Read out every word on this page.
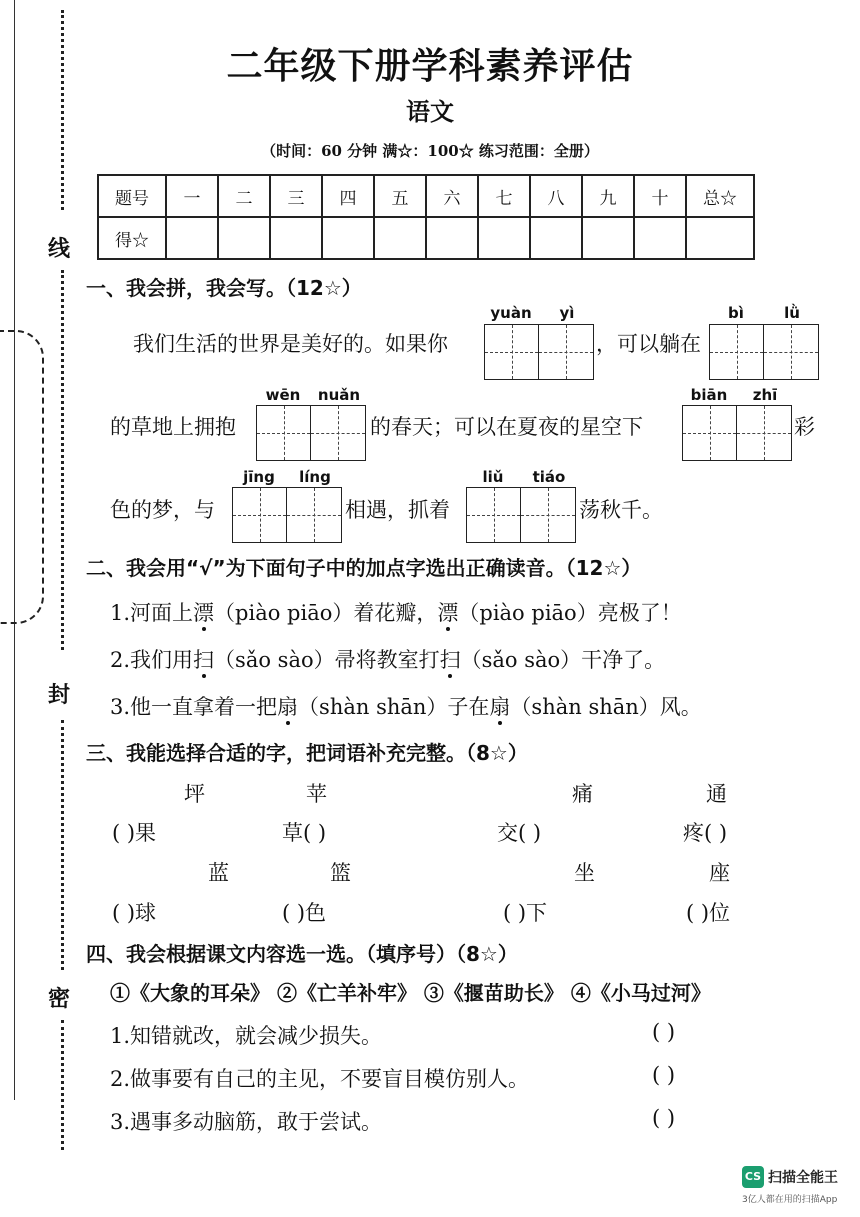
线
封
密
二年级下册学科素养评估
语文
（时间：60 分钟 满☆：100☆ 练习范围：全册）
题号	一	二	三	四	五	六	七	八	九	十	总☆
得☆											
一、我会拼，我会写。（12☆）
我们生活的世界是美好的。如果你
yuàn	yì
，可以躺在
bì	lǜ
的草地上拥抱
wēn	nuǎn
的春天；可以在夏夜的星空下
biān	zhī
彩
色的梦，与
jīng	líng
相遇，抓着
liǔ	tiáo
荡秋千。
二、我会用“√”为下面句子中的加点字选出正确读音。（12☆）
1.河面上漂（piào piāo）着花瓣，漂（piào piāo）亮极了！
2.我们用扫（sǎo sào）帚将教室打扫（sǎo sào）干净了。
3.他一直拿着一把扇（shàn shān）子在扇（shàn shān）风。
三、我能选择合适的字，把词语补充完整。（8☆）
坪	苹	痛	通
( )果	草( )	交( )	疼( )
蓝	篮	坐	座
( )球	( )色	( )下	( )位
四、我会根据课文内容选一选。（填序号）（8☆）
①《大象的耳朵》 ②《亡羊补牢》 ③《揠苗助长》 ④《小马过河》
1.知错就改，就会减少损失。	( )
2.做事要有自己的主见，不要盲目模仿别人。	( )
3.遇事多动脑筋，敢于尝试。	( )
CS 扫描全能王
3亿人都在用的扫描App
